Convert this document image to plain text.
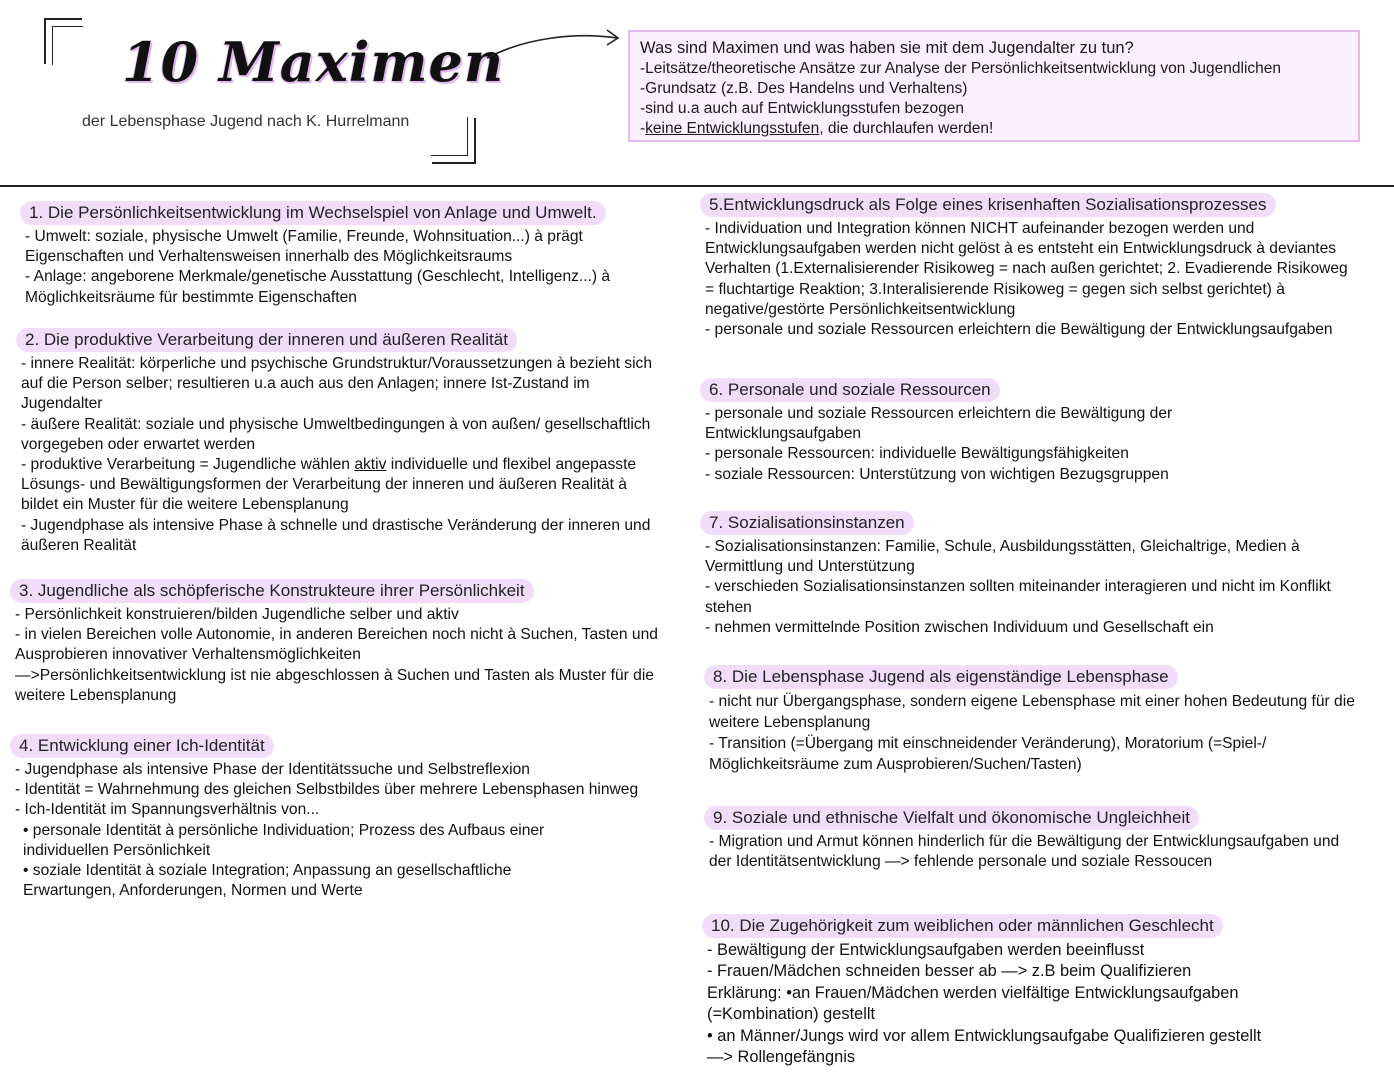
10 Maximen
der Lebensphase Jugend nach K. Hurrelmann
Was sind Maximen und was haben sie mit dem Jugendalter zu tun?
-Leitsätze/theoretische Ansätze zur Analyse der Persönlichkeitsentwicklung von Jugendlichen
-Grundsatz (z.B. Des Handelns und Verhaltens)
-sind u.a auch auf Entwicklungsstufen bezogen
-keine Entwicklungsstufen, die durchlaufen werden!
1. Die Persönlichkeitsentwicklung im Wechselspiel von Anlage und Umwelt.

- Umwelt: soziale, physische Umwelt (Familie, Freunde, Wohnsituation...) à prägt Eigenschaften und Verhaltensweisen innerhalb des Möglichkeitsraums

- Anlage: angeborene Merkmale/genetische Ausstattung (Geschlecht, Intelligenz...) à Möglichkeitsräume für bestimmte Eigenschaften

2. Die produktive Verarbeitung der inneren und äußeren Realität

- innere Realität: körperliche und psychische Grundstruktur/Voraussetzungen à bezieht sich auf die Person selber; resultieren u.a auch aus den Anlagen; innere Ist-Zustand im Jugendalter

- äußere Realität: soziale und physische Umweltbedingungen à von außen/ gesellschaftlich vorgegeben oder erwartet werden

- produktive Verarbeitung = Jugendliche wählen aktiv individuelle und flexibel angepasste Lösungs- und Bewältigungsformen der Verarbeitung der inneren und äußeren Realität à bildet ein Muster für die weitere Lebensplanung

- Jugendphase als intensive Phase à schnelle und drastische Veränderung der inneren und äußeren Realität

3. Jugendliche als schöpferische Konstrukteure ihrer Persönlichkeit

- Persönlichkeit konstruieren/bilden Jugendliche selber und aktiv

- in vielen Bereichen volle Autonomie, in anderen Bereichen noch nicht à Suchen, Tasten und Ausprobieren innovativer Verhaltensmöglichkeiten

—>Persönlichkeitsentwicklung ist nie abgeschlossen à Suchen und Tasten als Muster für die weitere Lebensplanung

4. Entwicklung einer Ich-Identität

- Jugendphase als intensive Phase der Identitätssuche und Selbstreflexion

- Identität = Wahrnehmung des gleichen Selbstbildes über mehrere Lebensphasen hinweg

- Ich-Identität im Spannungsverhältnis von...

• personale Identität à persönliche Individuation; Prozess des Aufbaus einer individuellen Persönlichkeit

• soziale Identität à soziale Integration; Anpassung an gesellschaftliche Erwartungen, Anforderungen, Normen und Werte

5.Entwicklungsdruck als Folge eines krisenhaften Sozialisationsprozesses

- Individuation und Integration können NICHT aufeinander bezogen werden und Entwicklungsaufgaben werden nicht gelöst à es entsteht ein Entwicklungsdruck à deviantes Verhalten (1.Externalisierender Risikoweg = nach außen gerichtet; 2. Evadierende Risikoweg = fluchtartige Reaktion; 3.Interalisierende Risikoweg = gegen sich selbst gerichtet) à negative/gestörte Persönlichkeitsentwicklung

- personale und soziale Ressourcen erleichtern die Bewältigung der Entwicklungsaufgaben

6. Personale und soziale Ressourcen

- personale und soziale Ressourcen erleichtern die Bewältigung der Entwicklungsaufgaben

- personale Ressourcen: individuelle Bewältigungsfähigkeiten

- soziale Ressourcen: Unterstützung von wichtigen Bezugsgruppen

7. Sozialisationsinstanzen

- Sozialisationsinstanzen: Familie, Schule, Ausbildungsstätten, Gleichaltrige, Medien à Vermittlung und Unterstützung

- verschieden Sozialisationsinstanzen sollten miteinander interagieren und nicht im Konflikt stehen

- nehmen vermittelnde Position zwischen Individuum und Gesellschaft ein

8. Die Lebensphase Jugend als eigenständige Lebensphase

- nicht nur Übergangsphase, sondern eigene Lebensphase mit einer hohen Bedeutung für die weitere Lebensplanung

- Transition (=Übergang mit einschneidender Veränderung), Moratorium (=Spiel-/ Möglichkeitsräume zum Ausprobieren/Suchen/Tasten)

9. Soziale und ethnische Vielfalt und ökonomische Ungleichheit

- Migration und Armut können hinderlich für die Bewältigung der Entwicklungsaufgaben und der Identitätsentwicklung —> fehlende personale und soziale Ressoucen

10. Die Zugehörigkeit zum weiblichen oder männlichen Geschlecht

- Bewältigung der Entwicklungsaufgaben werden beeinflusst

- Frauen/Mädchen schneiden besser ab —> z.B beim Qualifizieren

Erklärung: •an Frauen/Mädchen werden vielfältige Entwicklungsaufgaben (=Kombination) gestellt

• an Männer/Jungs wird vor allem Entwicklungsaufgabe Qualifizieren gestellt

—> Rollengefängnis
